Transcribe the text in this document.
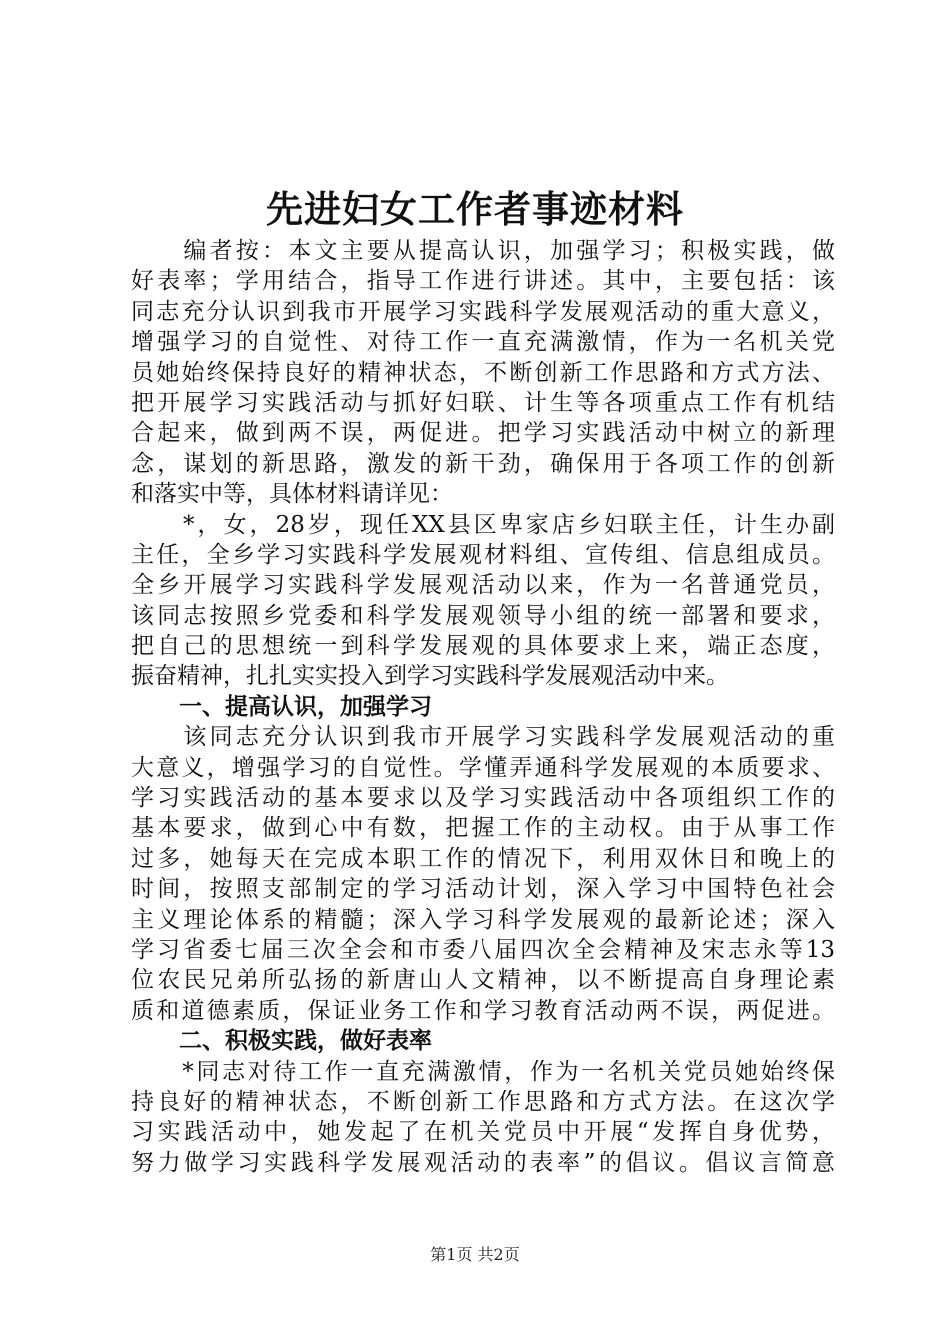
先进妇女工作者事迹材料
　　编者按：本文主要从提高认识，加强学习；积极实践，做
好表率；学用结合，指导工作进行讲述。其中，主要包括：该
同志充分认识到我市开展学习实践科学发展观活动的重大意义，
增强学习的自觉性、对待工作一直充满激情，作为一名机关党
员她始终保持良好的精神状态，不断创新工作思路和方式方法、
把开展学习实践活动与抓好妇联、计生等各项重点工作有机结
合起来，做到两不误，两促进。把学习实践活动中树立的新理
念，谋划的新思路，激发的新干劲，确保用于各项工作的创新
和落实中等，具体材料请详见：
　　*，女，28岁，现任XX县区卑家店乡妇联主任，计生办副
主任，全乡学习实践科学发展观材料组、宣传组、信息组成员。
全乡开展学习实践科学发展观活动以来，作为一名普通党员，
该同志按照乡党委和科学发展观领导小组的统一部署和要求，
把自己的思想统一到科学发展观的具体要求上来，端正态度，
振奋精神，扎扎实实投入到学习实践科学发展观活动中来。
一、提高认识，加强学习
　　该同志充分认识到我市开展学习实践科学发展观活动的重
大意义，增强学习的自觉性。学懂弄通科学发展观的本质要求、
学习实践活动的基本要求以及学习实践活动中各项组织工作的
基本要求，做到心中有数，把握工作的主动权。由于从事工作
过多，她每天在完成本职工作的情况下，利用双休日和晚上的
时间，按照支部制定的学习活动计划，深入学习中国特色社会
主义理论体系的精髓；深入学习科学发展观的最新论述；深入
学习省委七届三次全会和市委八届四次全会精神及宋志永等13
位农民兄弟所弘扬的新唐山人文精神，以不断提高自身理论素
质和道德素质，保证业务工作和学习教育活动两不误，两促进。
二、积极实践，做好表率
　　*同志对待工作一直充满激情，作为一名机关党员她始终保
持良好的精神状态，不断创新工作思路和方式方法。在这次学
习实践活动中，她发起了在机关党员中开展“发挥自身优势，
努力做学习实践科学发展观活动的表率”的倡议。倡议言简意
第1页 共2页
